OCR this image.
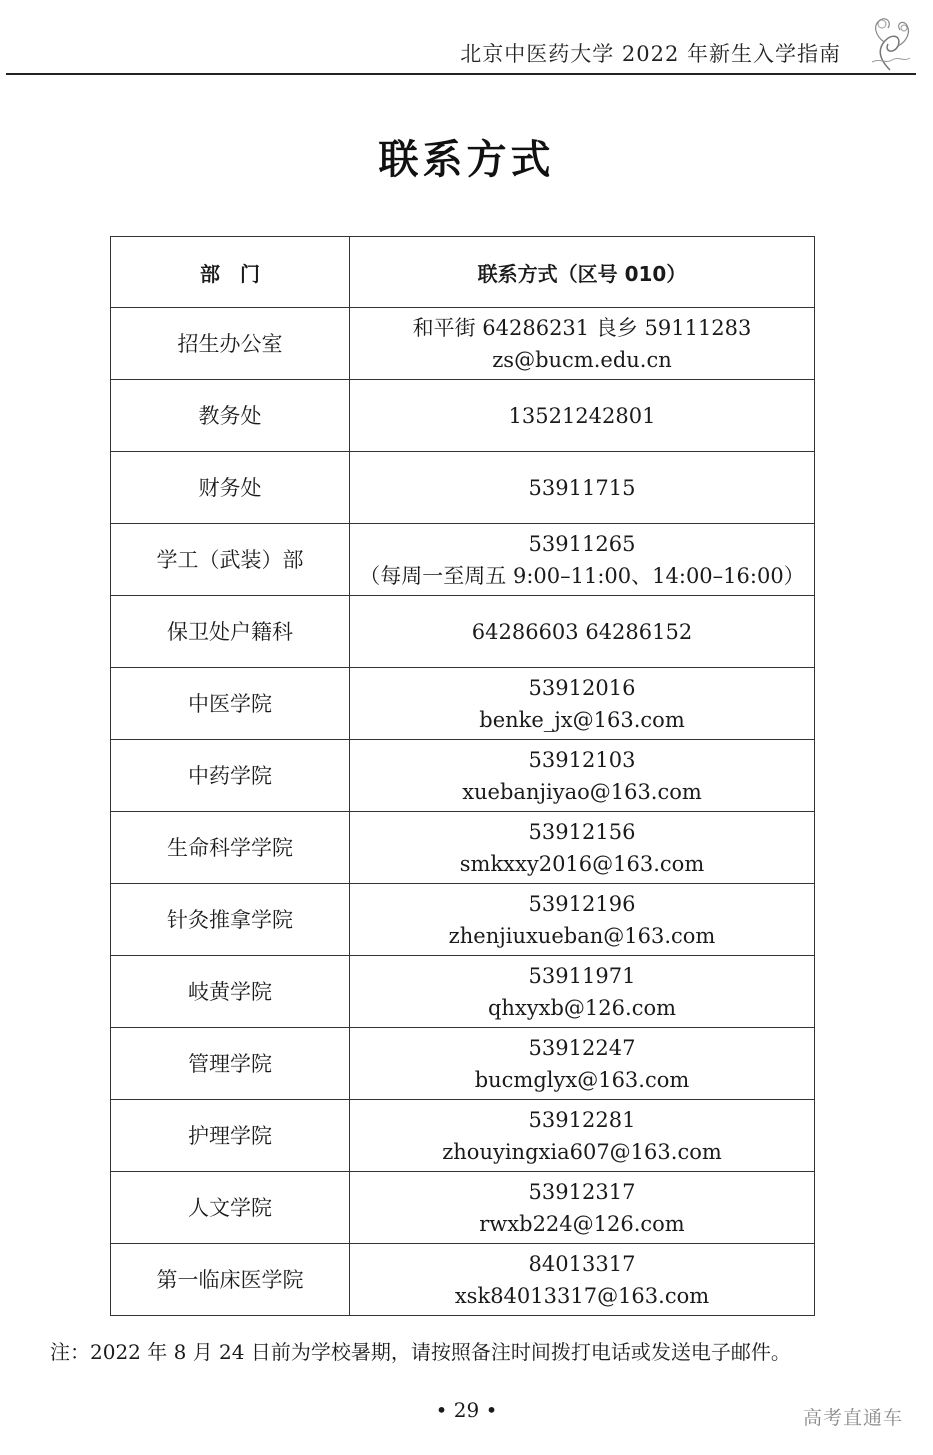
北京中医药大学 2022 年新生入学指南
联系方式
部　门	联系方式（区号 010）
招生办公室	和平街 64286231 良乡 59111283
zs@bucm.edu.cn

教务处	13521242801

财务处	53911715

学工（武装）部	53911265
（每周一至周五 9:00–11:00、14:00–16:00）

保卫处户籍科	64286603 64286152

中医学院	53912016
benke_jx@163.com

中药学院	53912103
xuebanjiyao@163.com

生命科学学院	53912156
smkxxy2016@163.com

针灸推拿学院	53912196
zhenjiuxueban@163.com

岐黄学院	53911971
qhxyxb@126.com

管理学院	53912247
bucmglyx@163.com

护理学院	53912281
zhouyingxia607@163.com

人文学院	53912317
rwxb224@126.com

第一临床医学院	84013317
xsk84013317@163.com
注：2022 年 8 月 24 日前为学校暑期，请按照备注时间拨打电话或发送电子邮件。
• 29 •	高考直通车
